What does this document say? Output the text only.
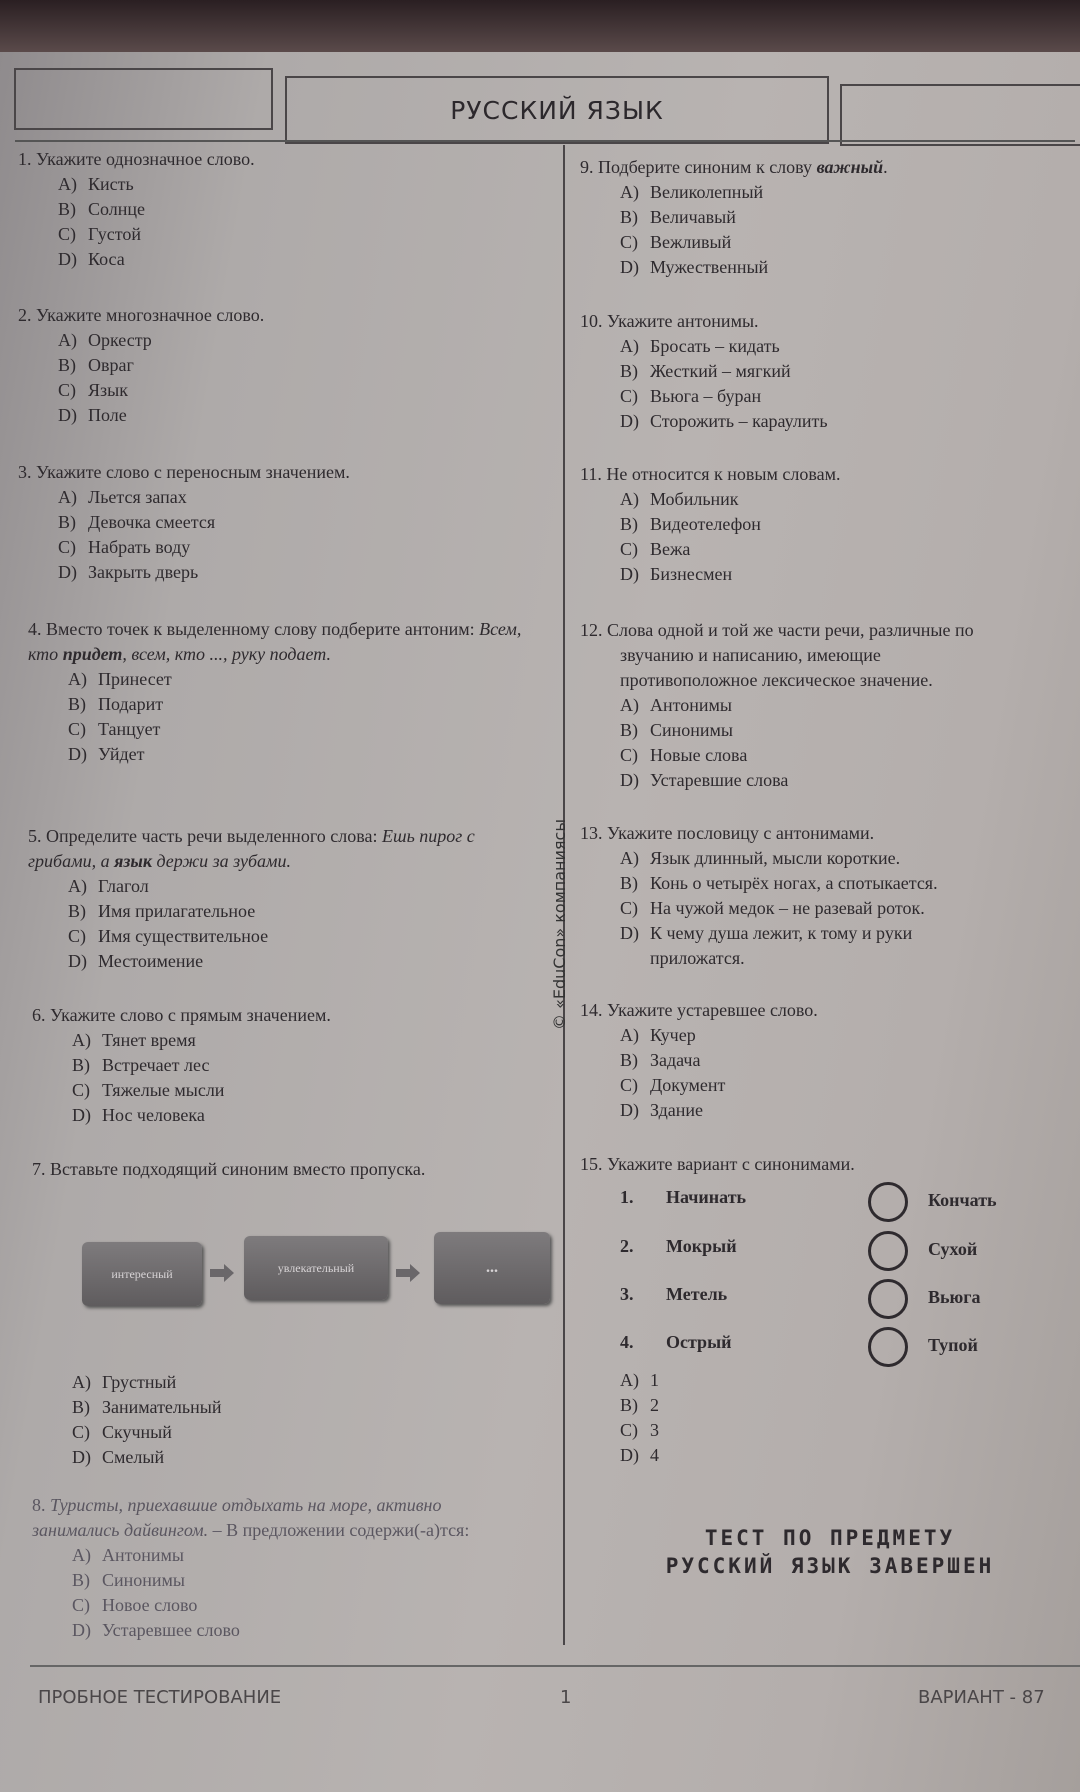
РУССКИЙ ЯЗЫК
© «EduCon» компаниясы
1. Укажите однозначное слово.
A) Кисть
B) Солнце
C) Густой
D) Коса
2. Укажите многозначное слово.
A) Оркестр
B) Овраг
C) Язык
D) Поле
3. Укажите слово с переносным значением.
A) Льется запах
B) Девочка смеется
C) Набрать воду
D) Закрыть дверь
4. Вместо точек к выделенному слову подберите антоним: Всем, кто придет, всем, кто ..., руку подает.
A) Принесет
B) Подарит
C) Танцует
D) Уйдет
5. Определите часть речи выделенного слова: Ешь пирог с грибами, а язык держи за зубами.
A) Глагол
B) Имя прилагательное
C) Имя существительное
D) Местоимение
6. Укажите слово с прямым значением.
A) Тянет время
B) Встречает лес
C) Тяжелые мысли
D) Нос человека
7. Вставьте подходящий синоним вместо пропуска.
интересный	увлекательный	...
A) Грустный
B) Занимательный
C) Скучный
D) Смелый
8. Туристы, приехавшие отдыхать на море, активно занимались дайвингом. – В предложении содержи(-а)тся:
A) Антонимы
B) Синонимы
C) Новое слово
D) Устаревшее слово
9. Подберите синоним к слову важный.
A) Великолепный
B) Величавый
C) Вежливый
D) Мужественный
10. Укажите антонимы.
A) Бросать – кидать
B) Жесткий – мягкий
C) Вьюга – буран
D) Сторожить – караулить
11. Не относится к новым словам.
A) Мобильник
B) Видеотелефон
C) Вежа
D) Бизнесмен
12. Слова одной и той же части речи, различные по
звучанию и написанию, имеющие
противоположное лексическое значение.
A) Антонимы
B) Синонимы
C) Новые слова
D) Устаревшие слова
13. Укажите пословицу с антонимами.
A) Язык длинный, мысли короткие.
B) Конь о четырёх ногах, а спотыкается.
C) На чужой медок – не разевай роток.
D) К чему душа лежит, к тому и руки
приложатся.
14. Укажите устаревшее слово.
A) Кучер
B) Задача
C) Документ
D) Здание
15. Укажите вариант с синонимами.
1. Начинать	Кончать
2. Мокрый	Сухой
3. Метель	Вьюга
4. Острый	Тупой
A) 1
B) 2
C) 3
D) 4
ТЕСТ ПО ПРЕДМЕТУ
РУССКИЙ ЯЗЫК ЗАВЕРШЕН
ПРОБНОЕ ТЕСТИРОВАНИЕ	1	ВАРИАНТ - 87
